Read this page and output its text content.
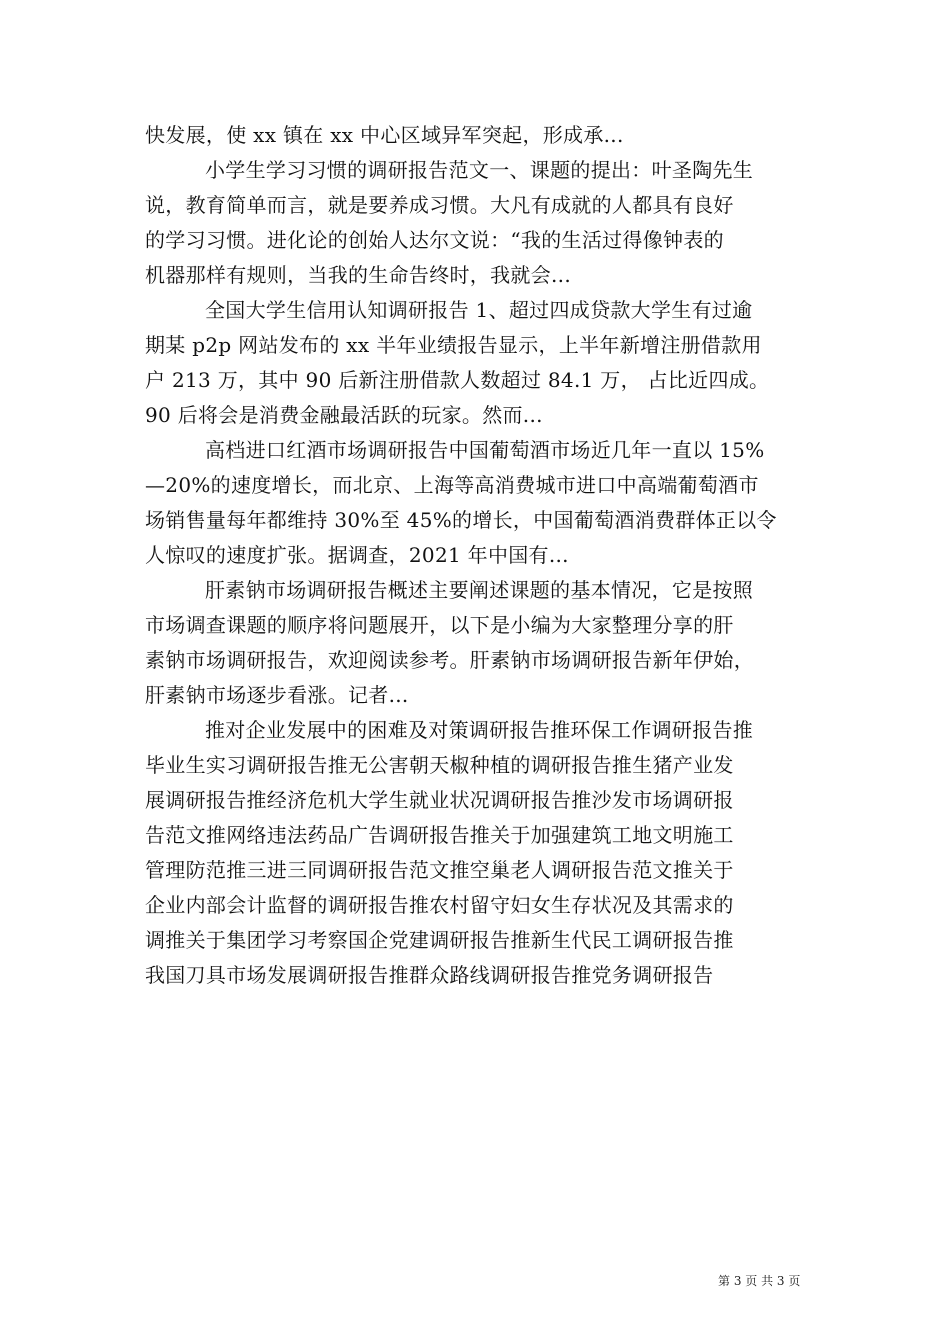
快发展，使 xx 镇在 xx 中心区域异军突起，形成承...
小学生学习习惯的调研报告范文一、课题的提出：叶圣陶先生
说，教育简单而言，就是要养成习惯。大凡有成就的人都具有良好
的学习习惯。进化论的创始人达尔文说：“我的生活过得像钟表的
机器那样有规则，当我的生命告终时，我就会...
全国大学生信用认知调研报告 1、超过四成贷款大学生有过逾
期某 p2p 网站发布的 xx 半年业绩报告显示，上半年新增注册借款用
户 213 万，其中 90 后新注册借款人数超过 84.1 万， 占比近四成。
90 后将会是消费金融最活跃的玩家。然而...
高档进口红酒市场调研报告中国葡萄酒市场近几年一直以 15%
—20%的速度增长，而北京、上海等高消费城市进口中高端葡萄酒市
场销售量每年都维持 30%至 45%的增长，中国葡萄酒消费群体正以令
人惊叹的速度扩张。据调查，2021 年中国有...
肝素钠市场调研报告概述主要阐述课题的基本情况，它是按照
市场调查课题的顺序将问题展开，以下是小编为大家整理分享的肝
素钠市场调研报告，欢迎阅读参考。肝素钠市场调研报告新年伊始，
肝素钠市场逐步看涨。记者...
推对企业发展中的困难及对策调研报告推环保工作调研报告推
毕业生实习调研报告推无公害朝天椒种植的调研报告推生猪产业发
展调研报告推经济危机大学生就业状况调研报告推沙发市场调研报
告范文推网络违法药品广告调研报告推关于加强建筑工地文明施工
管理防范推三进三同调研报告范文推空巢老人调研报告范文推关于
企业内部会计监督的调研报告推农村留守妇女生存状况及其需求的
调推关于集团学习考察国企党建调研报告推新生代民工调研报告推
我国刀具市场发展调研报告推群众路线调研报告推党务调研报告
第 3 页 共 3 页
